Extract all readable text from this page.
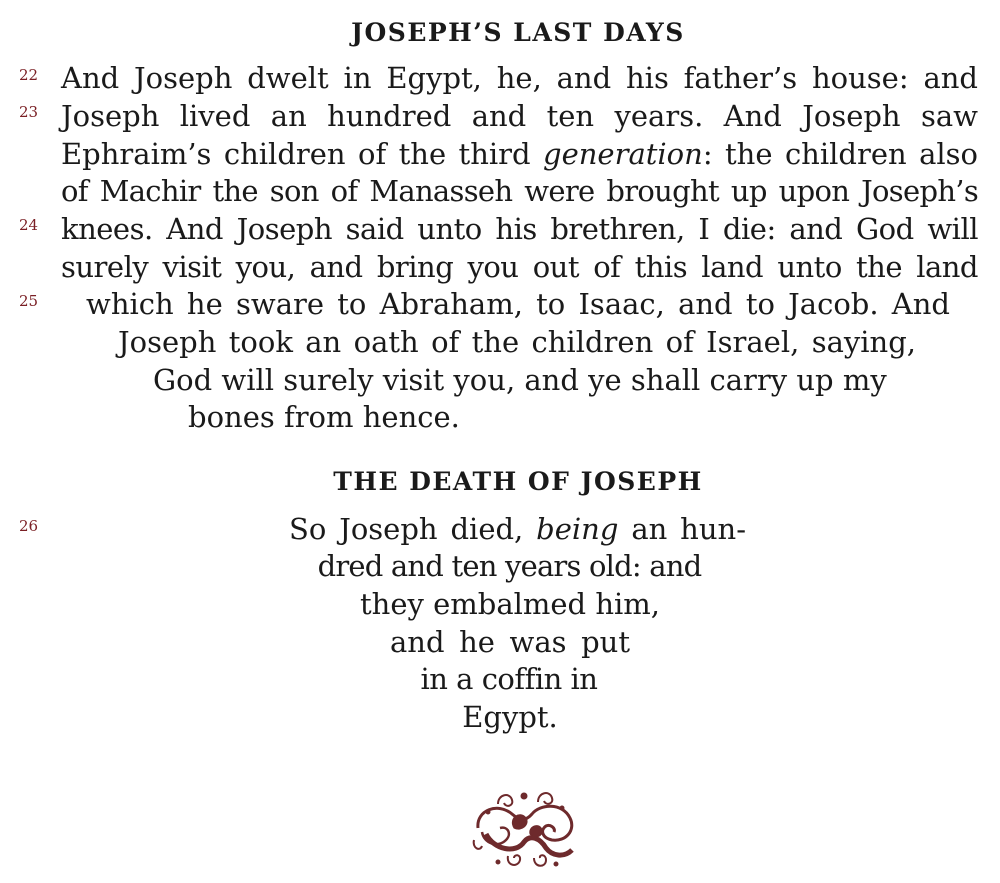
JOSEPH’S LAST DAYS
22
23
24
25
And Joseph dwelt in Egypt, he, and his father’s house: and
Joseph lived an hundred and ten years. And Joseph saw
Ephraim’s children of the third generation: the children also
of Machir the son of Manasseh were brought up upon Joseph’s
knees. And Joseph said unto his brethren, I die: and God will
surely visit you, and bring you out of this land unto the land
which he sware to Abraham, to Isaac, and to Jacob. And
Joseph took an oath of the children of Israel, saying,
God will surely visit you, and ye shall carry up my
bones from hence.
THE DEATH OF JOSEPH
26	So Joseph died, being an hun-
dred and ten years old: and
they embalmed him,
and he was put
in a coffin in
Egypt.
